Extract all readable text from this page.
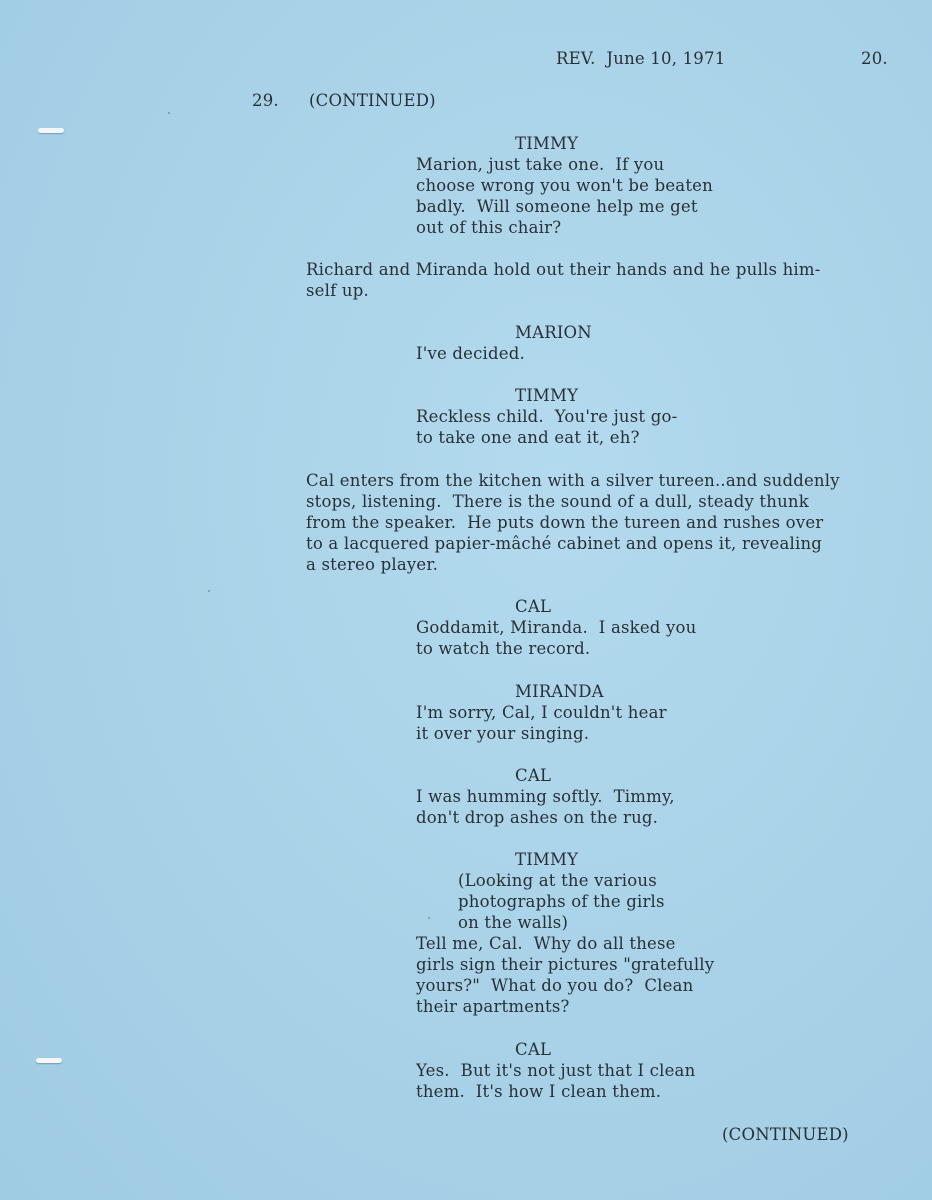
REV.  June 10, 1971	20.
29. (CONTINUED)
TIMMY
Marion, just take one.  If you
choose wrong you won't be beaten
badly.  Will someone help me get
out of this chair?
Richard and Miranda hold out their hands and he pulls him-
self up.
MARION
I've decided.
TIMMY
Reckless child.  You're just go-
to take one and eat it, eh?
Cal enters from the kitchen with a silver tureen..and suddenly
stops, listening.  There is the sound of a dull, steady thunk
from the speaker.  He puts down the tureen and rushes over
to a lacquered papier-mâché cabinet and opens it, revealing
a stereo player.
CAL
Goddamit, Miranda.  I asked you
to watch the record.
MIRANDA
I'm sorry, Cal, I couldn't hear
it over your singing.
CAL
I was humming softly.  Timmy,
don't drop ashes on the rug.
TIMMY
(Looking at the various
photographs of the girls
on the walls)
Tell me, Cal.  Why do all these
girls sign their pictures "gratefully
yours?"  What do you do?  Clean
their apartments?
CAL
Yes.  But it's not just that I clean
them.  It's how I clean them.
(CONTINUED)
